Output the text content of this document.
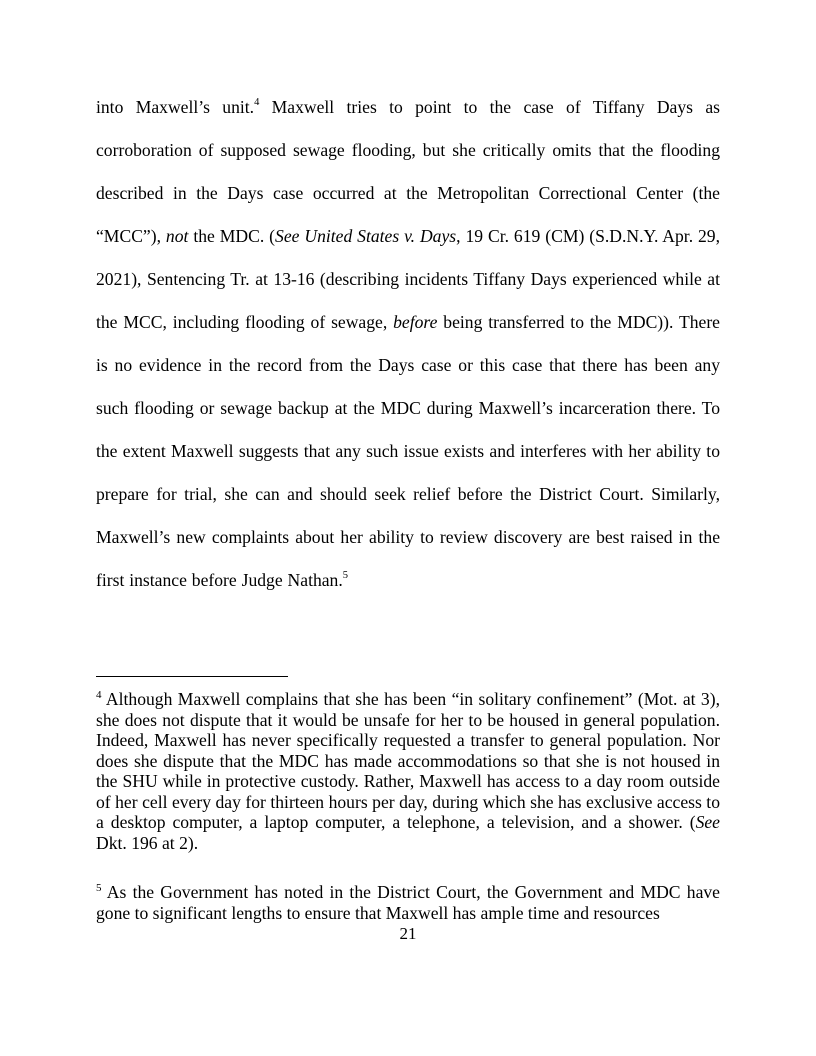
into Maxwell’s unit.$^4$ Maxwell tries to point to the case of Tiffany Days as corroboration of supposed sewage flooding, but she critically omits that the flooding described in the Days case occurred at the Metropolitan Correctional Center (the “MCC”), not the MDC. (See United States v. Days, 19 Cr. 619 (CM) (S.D.N.Y. Apr. 29, 2021), Sentencing Tr. at 13-16 (describing incidents Tiffany Days experienced while at the MCC, including flooding of sewage, before being transferred to the MDC)). There is no evidence in the record from the Days case or this case that there has been any such flooding or sewage backup at the MDC during Maxwell’s incarceration there. To the extent Maxwell suggests that any such issue exists and interferes with her ability to prepare for trial, she can and should seek relief before the District Court. Similarly, Maxwell’s new complaints about her ability to review discovery are best raised in the first instance before Judge Nathan.$^5$

$^4$ Although Maxwell complains that she has been “in solitary confinement” (Mot. at 3), she does not dispute that it would be unsafe for her to be housed in general population. Indeed, Maxwell has never specifically requested a transfer to general population. Nor does she dispute that the MDC has made accommodations so that she is not housed in the SHU while in protective custody. Rather, Maxwell has access to a day room outside of her cell every day for thirteen hours per day, during which she has exclusive access to a desktop computer, a laptop computer, a telephone, a television, and a shower. (See Dkt. 196 at 2).

$^5$ As the Government has noted in the District Court, the Government and MDC have gone to significant lengths to ensure that Maxwell has ample time and resources

21
